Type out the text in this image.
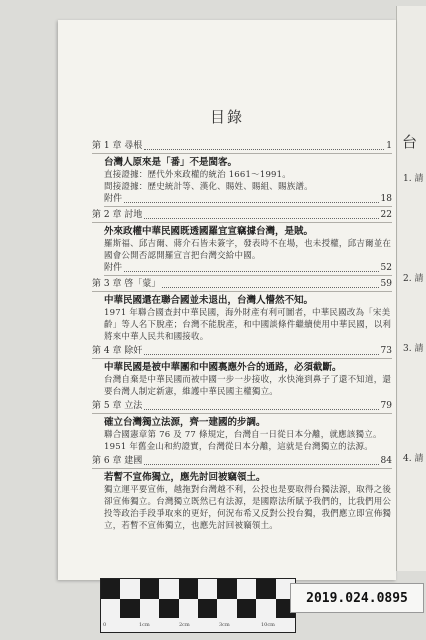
台
1. 請
2. 請
3. 請
4. 請
目錄
第 1 章 尋根	1
台灣人原來是「番」不是閩客。

直接證據：歷代外來政權的統治 1661～1991。

間接證據：歷史統計等、漢化、賜姓、賜組、賜族譜。

附件	18
第 2 章 討地	22
外來政權中華民國既透國羅宜宣竊據台灣，是賊。

羅斯福、邱吉爾、蔣介石皆未簽字，發表時不在場，也未授權，邱吉爾並在國會公開否認開羅宣言把台灣交給中國。

附件	52
第 3 章 啓「蒙」	59
中華民國還在聯合國並未退出，台灣人懵然不知。

1971 年聯合國查封中華民國，海外財產有利可圖者，中華民國改為「宋美齡」等人名下脫產；台灣不能脫產，和中國談條件繼續使用中華民國，以利將來中華人民共和國接收。

第 4 章 除奸	73
中華民國是被中華團和中國裏應外合的通路，必須截斷。

台灣自棄是中華民國而被中國一步一步接收，水快淹到鼻子了還不知道，還要台灣人制定新憲，維護中華民國主權獨立。

第 5 章 立法	79
確立台灣獨立法源，齊一建國的步調。

聯合國憲章第 76 及 77 條規定，台灣自一日從日本分離，就應該獨立。

1951 年舊金山和約證實，台灣從日本分離，這就是台灣獨立的法源。

第 6 章 建國	84
若暫不宣佈獨立，應先討回被竊領土。

獨立運平要宣佈，越拖對台灣越不利，公投也是要取得台獨法源，取得之後卻宣佈獨立。台灣獨立既然已有法源，是國際法所賦予我們的，比我們用公投等政治手段爭取來的更好，何況布希又反對公投台獨，我們應立即宣佈獨立，若暫不宣佈獨立，也應先討回被竊領土。

0	1cm	2cm	3cm	10cm
2019.024.0895
